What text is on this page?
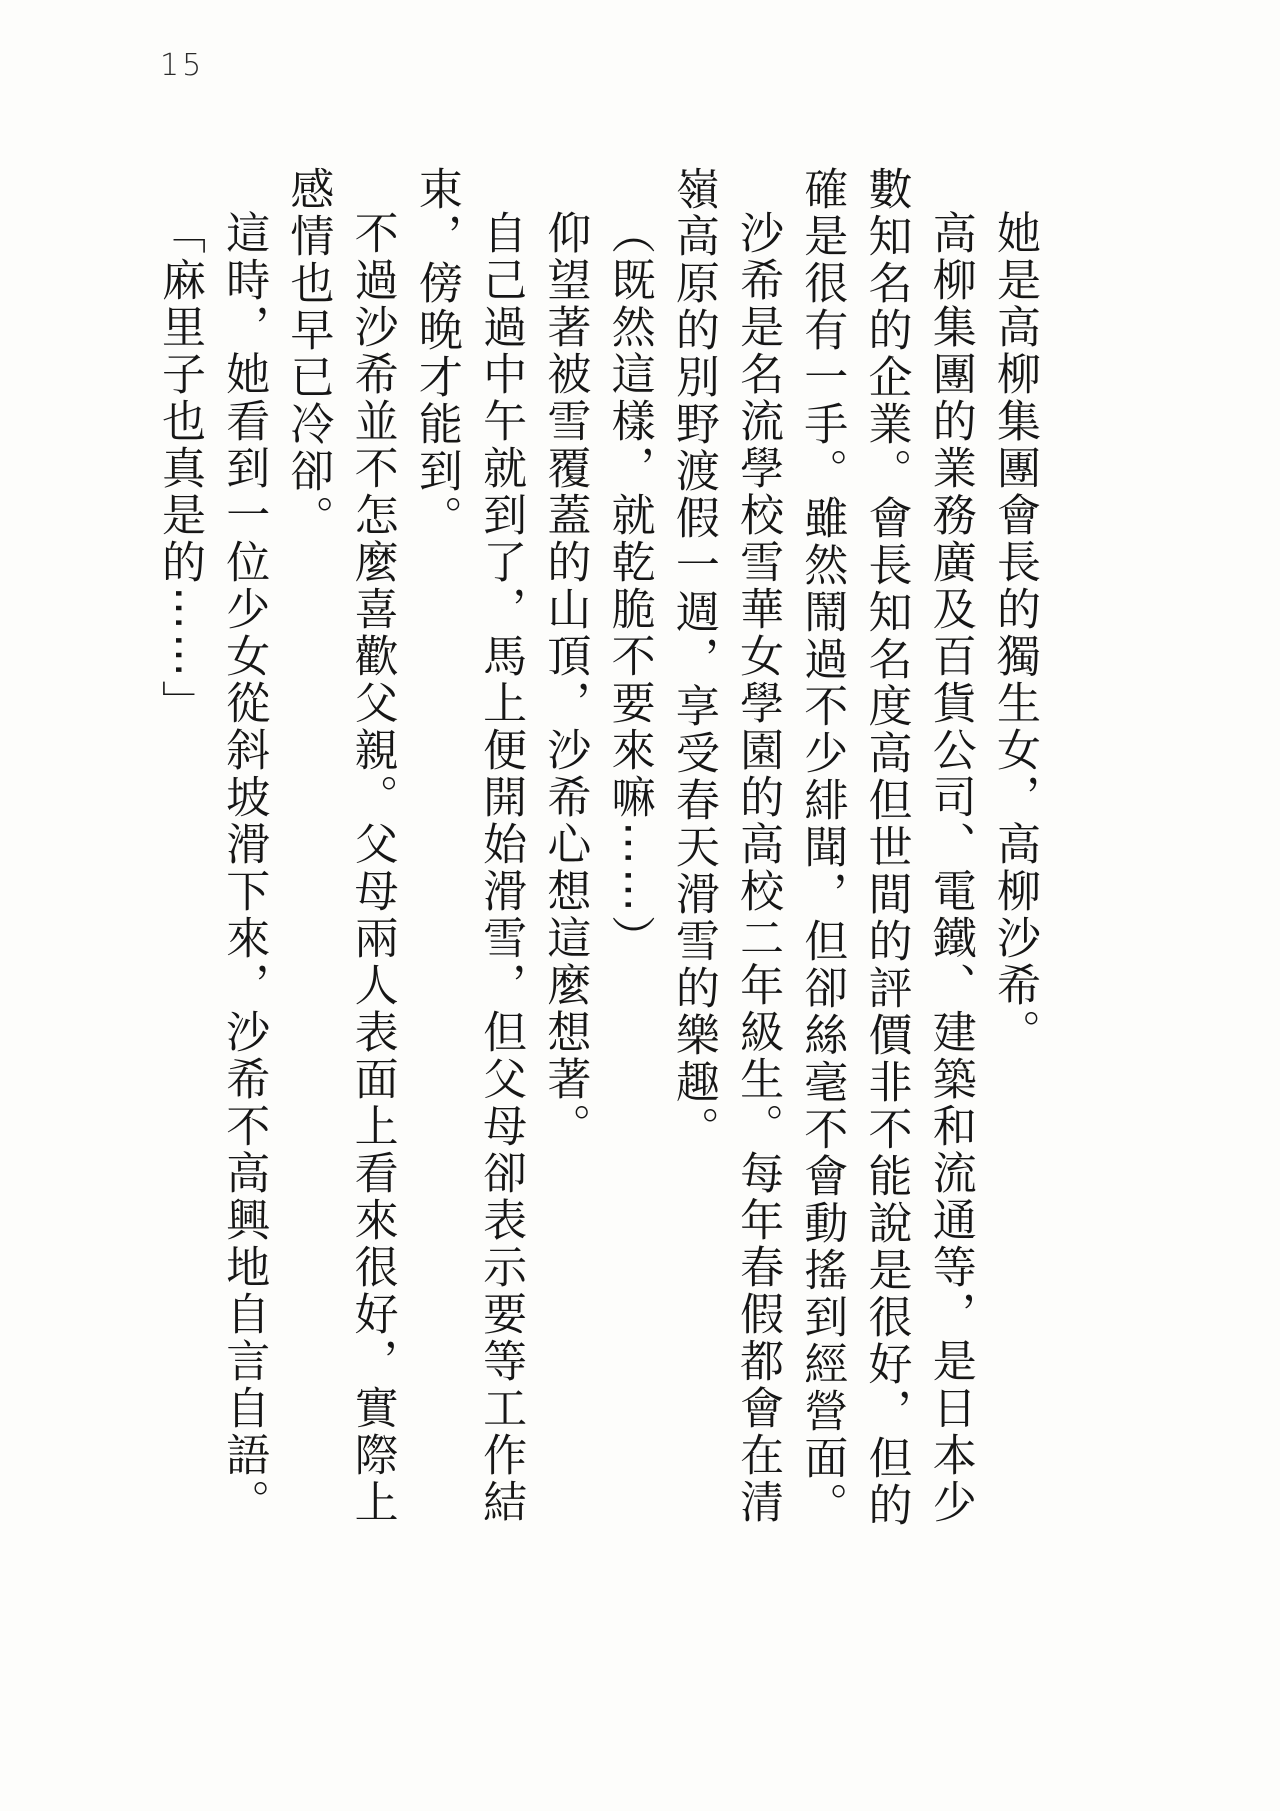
15

她是高柳集團會長的獨生女，高柳沙希。

高柳集團的業務廣及百貨公司、電鐵、建築和流通等，是日本少數知名的企業。會長知名度高但世間的評價非不能說是很好，但的確是很有一手。雖然鬧過不少緋聞，但卻絲毫不會動搖到經營面。

沙希是名流學校雪華女學園的高校二年級生。每年春假都會在清嶺高原的別野渡假一週，享受春天滑雪的樂趣。

（既然這樣，就乾脆不要來嘛⋯⋯）

仰望著被雪覆蓋的山頂，沙希心想這麼想著。

自己過中午就到了，馬上便開始滑雪，但父母卻表示要等工作結束，傍晚才能到。

不過沙希並不怎麼喜歡父親。父母兩人表面上看來很好，實際上感情也早已冷卻。

這時，她看到一位少女從斜坡滑下來，沙希不高興地自言自語。

「麻里子也真是的⋯⋯」
